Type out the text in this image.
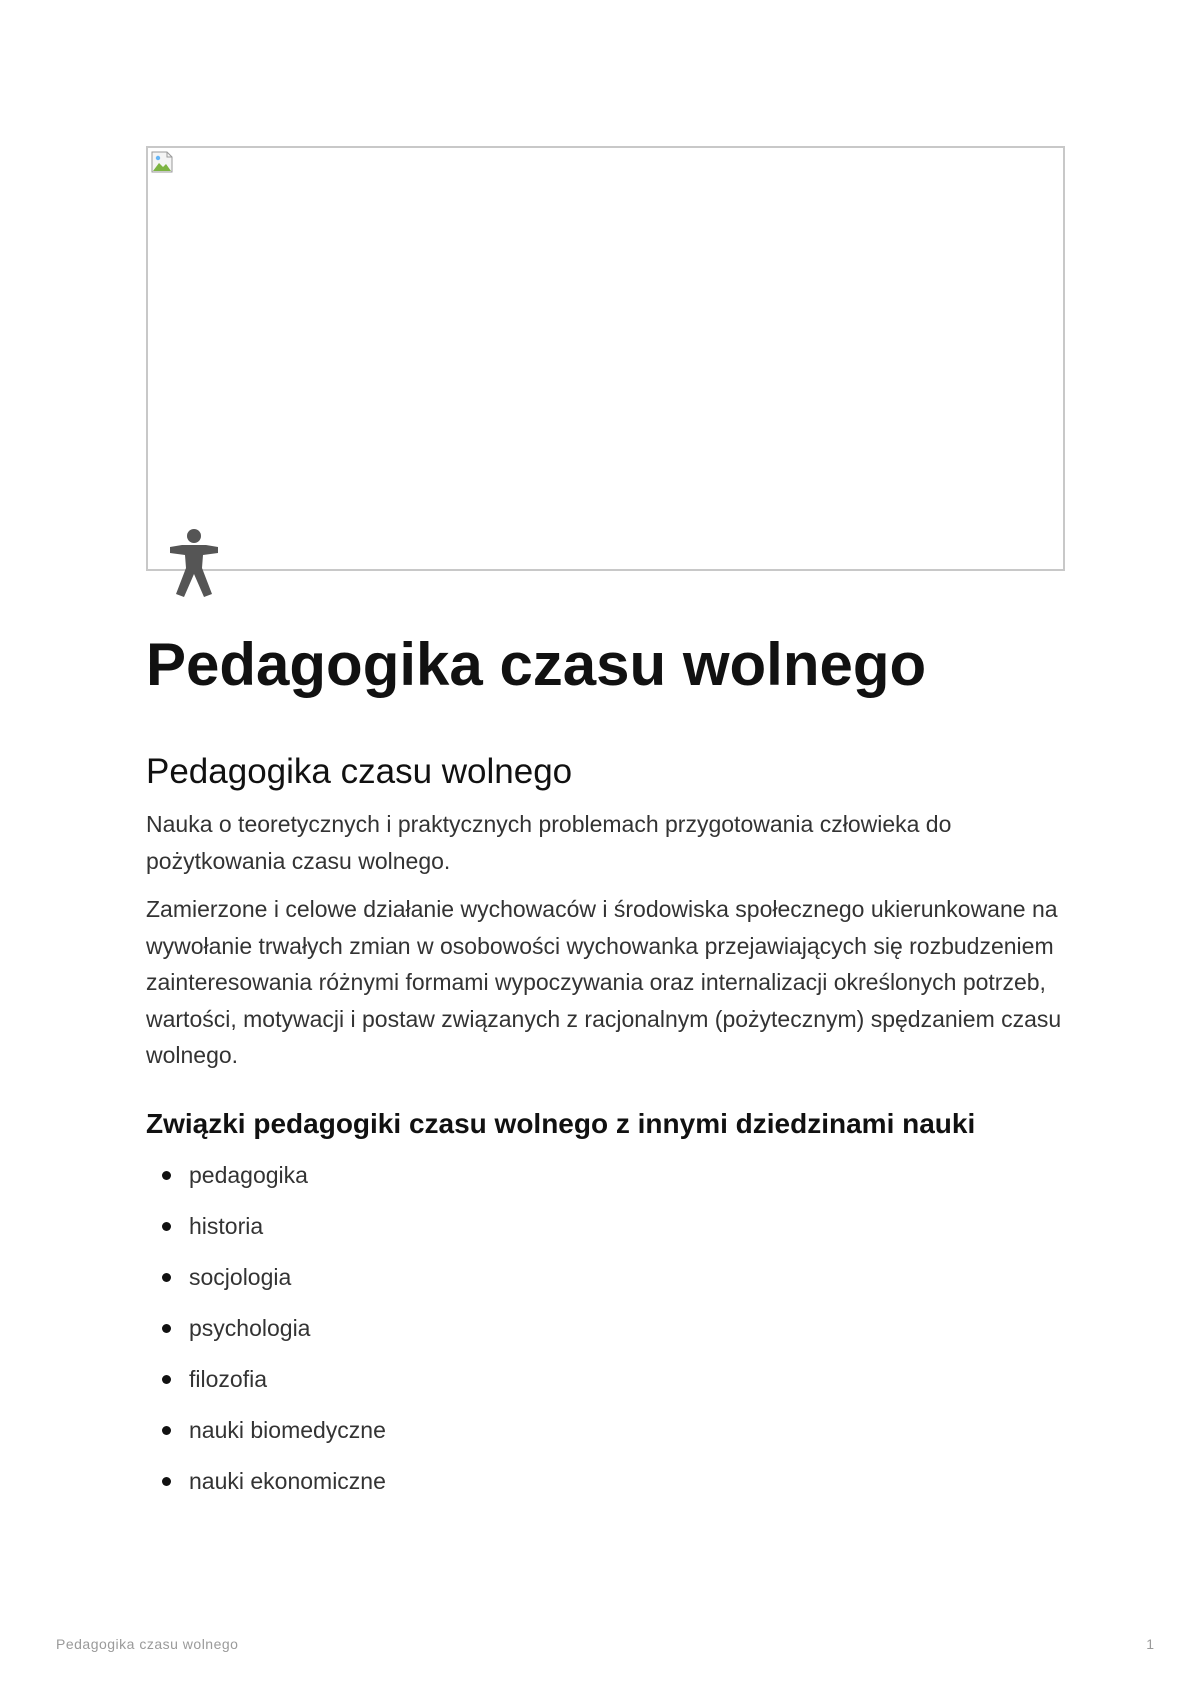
Pedagogika czasu wolnego
Pedagogika czasu wolnego

Nauka o teoretycznych i praktycznych problemach przygotowania człowieka do pożytkowania czasu wolnego.

Zamierzone i celowe działanie wychowaców i środowiska społecznego ukierunkowane na wywołanie trwałych zmian w osobowości wychowanka przejawiających się rozbudzeniem zainteresowania różnymi formami wypoczywania oraz internalizacji określonych potrzeb, wartości, motywacji i postaw związanych z racjonalnym (pożytecznym) spędzaniem czasu wolnego.

Związki pedagogiki czasu wolnego z innymi dziedzinami nauki
pedagogika
historia
socjologia
psychologia
filozofia
nauki biomedyczne
nauki ekonomiczne
Pedagogika czasu wolnego	1
